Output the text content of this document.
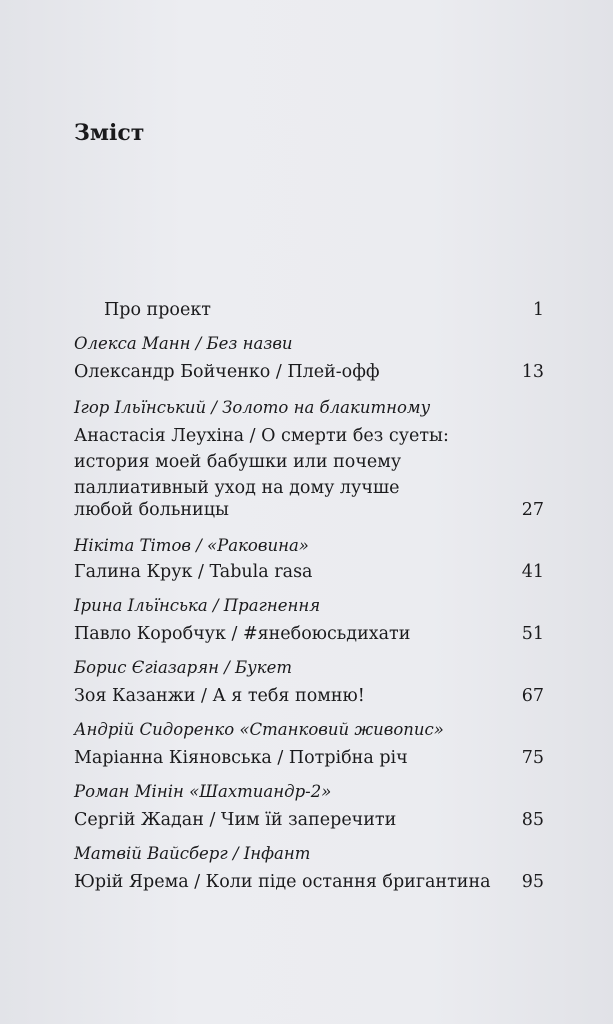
Зміст
Про проект	1
Олекса Манн / Без назви
Олександр Бойченко / Плей-офф	13
Ігор Ільїнський / Золото на блакитному
Анастасія Леухіна / О смерти без суеты:
история моей бабушки или почему
паллиативный уход на дому лучше
любой больницы	27
Нікіта Тітов / «Раковина»
Галина Крук / Tabula rasa	41
Ірина Ільїнська / Прагнення
Павло Коробчук / #янебоюсьдихати	51
Борис Єгіазарян / Букет
Зоя Казанжи / А я тебя помню!	67
Андрій Сидоренко «Станковий живопис»
Маріанна Кіяновська / Потрібна річ	75
Роман Мінін «Шахтиандр-2»
Сергій Жадан / Чим їй заперечити	85
Матвій Вайсберг / Інфант
Юрій Ярема / Коли піде остання бригантина 95
